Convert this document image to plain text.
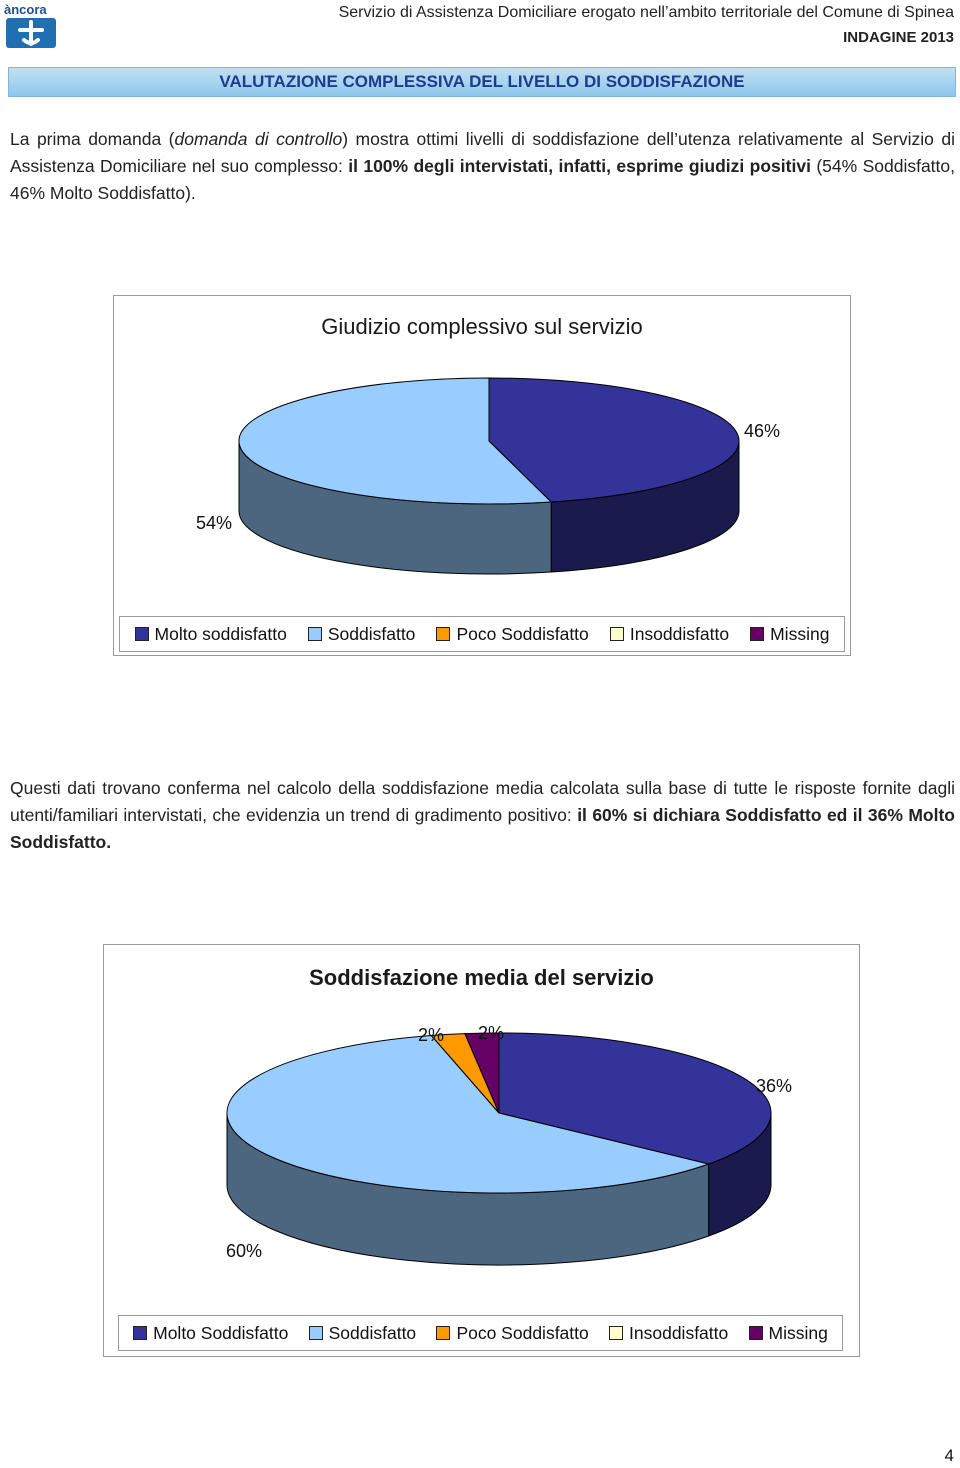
àncora	Servizio di Assistenza Domiciliare erogato nell’ambito territoriale del Comune di Spinea
INDAGINE 2013
VALUTAZIONE COMPLESSIVA DEL LIVELLO DI SODDISFAZIONE
La prima domanda (domanda di controllo) mostra ottimi livelli di soddisfazione dell’utenza relativamente al Servizio di Assistenza Domiciliare nel suo complesso: il 100% degli intervistati, infatti, esprime giudizi positivi (54% Soddisfatto, 46% Molto Soddisfatto).
Giudizio complessivo sul servizio
46%
54%
Molto soddisfatto Soddisfatto Poco Soddisfatto Insoddisfatto Missing
Questi dati trovano conferma nel calcolo della soddisfazione media calcolata sulla base di tutte le risposte fornite dagli utenti/familiari intervistati, che evidenzia un trend di gradimento positivo: il 60% si dichiara Soddisfatto ed il 36% Molto Soddisfatto.
Soddisfazione media del servizio
2% 2%
36%
60%
Molto Soddisfatto Soddisfatto Poco Soddisfatto Insoddisfatto Missing
4
